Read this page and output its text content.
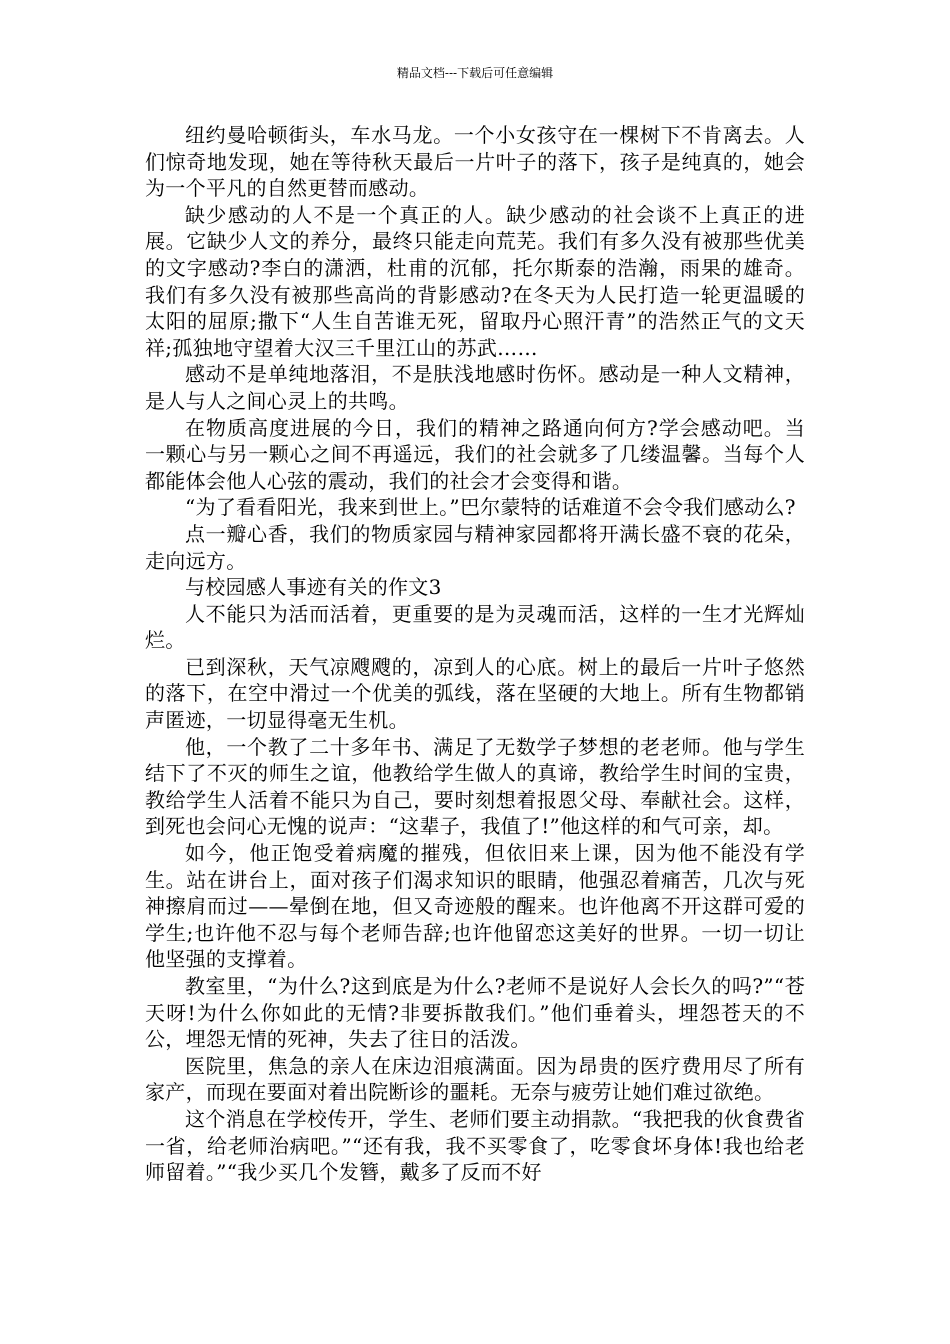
精品文档---下载后可任意编辑

纽约曼哈顿街头，车水马龙。一个小女孩守在一棵树下不肯离去。人们惊奇地发现，她在等待秋天最后一片叶子的落下，孩子是纯真的，她会为一个平凡的自然更替而感动。

缺少感动的人不是一个真正的人。缺少感动的社会谈不上真正的进展。它缺少人文的养分，最终只能走向荒芜。我们有多久没有被那些优美的文字感动?李白的潇洒，杜甫的沉郁，托尔斯泰的浩瀚，雨果的雄奇。我们有多久没有被那些高尚的背影感动?在冬天为人民打造一轮更温暖的太阳的屈原;撒下“人生自苦谁无死，留取丹心照汗青”的浩然正气的文天祥;孤独地守望着大汉三千里江山的苏武……

感动不是单纯地落泪，不是肤浅地感时伤怀。感动是一种人文精神，是人与人之间心灵上的共鸣。

在物质高度进展的今日，我们的精神之路通向何方?学会感动吧。当一颗心与另一颗心之间不再遥远，我们的社会就多了几缕温馨。当每个人都能体会他人心弦的震动，我们的社会才会变得和谐。

“为了看看阳光，我来到世上。”巴尔蒙特的话难道不会令我们感动么?

点一瓣心香，我们的物质家园与精神家园都将开满长盛不衰的花朵，走向远方。

与校园感人事迹有关的作文3

人不能只为活而活着，更重要的是为灵魂而活，这样的一生才光辉灿烂。

已到深秋，天气凉飕飕的，凉到人的心底。树上的最后一片叶子悠然的落下，在空中滑过一个优美的弧线，落在坚硬的大地上。所有生物都销声匿迹，一切显得毫无生机。

他，一个教了二十多年书、满足了无数学子梦想的老老师。他与学生结下了不灭的师生之谊，他教给学生做人的真谛，教给学生时间的宝贵，教给学生人活着不能只为自己，要时刻想着报恩父母、奉献社会。这样，到死也会问心无愧的说声：“这辈子，我值了!”他这样的和气可亲，却。

如今，他正饱受着病魔的摧残，但依旧来上课，因为他不能没有学生。站在讲台上，面对孩子们渴求知识的眼睛，他强忍着痛苦，几次与死神擦肩而过——晕倒在地，但又奇迹般的醒来。也许他离不开这群可爱的学生;也许他不忍与每个老师告辞;也许他留恋这美好的世界。一切一切让他坚强的支撑着。

教室里，“为什么?这到底是为什么?老师不是说好人会长久的吗?”“苍天呀!为什么你如此的无情?非要拆散我们。”他们垂着头，埋怨苍天的不公，埋怨无情的死神，失去了往日的活泼。

医院里，焦急的亲人在床边泪痕满面。因为昂贵的医疗费用尽了所有家产，而现在要面对着出院断诊的噩耗。无奈与疲劳让她们难过欲绝。

这个消息在学校传开，学生、老师们要主动捐款。“我把我的伙食费省一省，给老师治病吧。”“还有我，我不买零食了，吃零食坏身体!我也给老师留着。”“我少买几个发簪，戴多了反而不好
